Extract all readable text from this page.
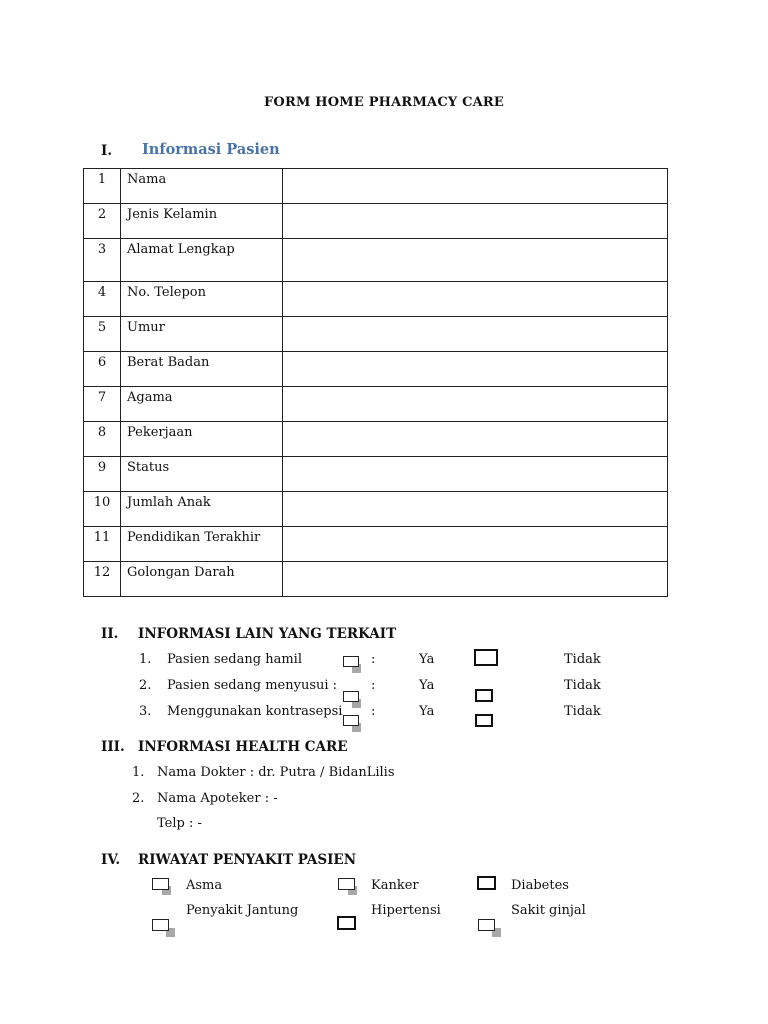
FORM HOME PHARMACY CARE
I. Informasi Pasien
1	Nama	
2	Jenis Kelamin	
3	Alamat Lengkap	
4	No. Telepon	
5	Umur	
6	Berat Badan	
7	Agama	
8	Pekerjaan	
9	Status	
10	Jumlah Anak	
11	Pendidikan Terakhir	
12	Golongan Darah	
II. INFORMASI LAIN YANG TERKAIT
1. Pasien sedang hamil	:	Ya	Tidak
2. Pasien sedang menyusui :	:	Ya	Tidak
3. Menggunakan kontrasepsi :	Ya	Tidak
III. INFORMASI HEALTH CARE
1. Nama Dokter : dr. Putra / BidanLilis
2. Nama Apoteker : -
Telp : -
IV. RIWAYAT PENYAKIT PASIEN
Asma	Kanker	Diabetes
Penyakit Jantung	Hipertensi	Sakit ginjal
